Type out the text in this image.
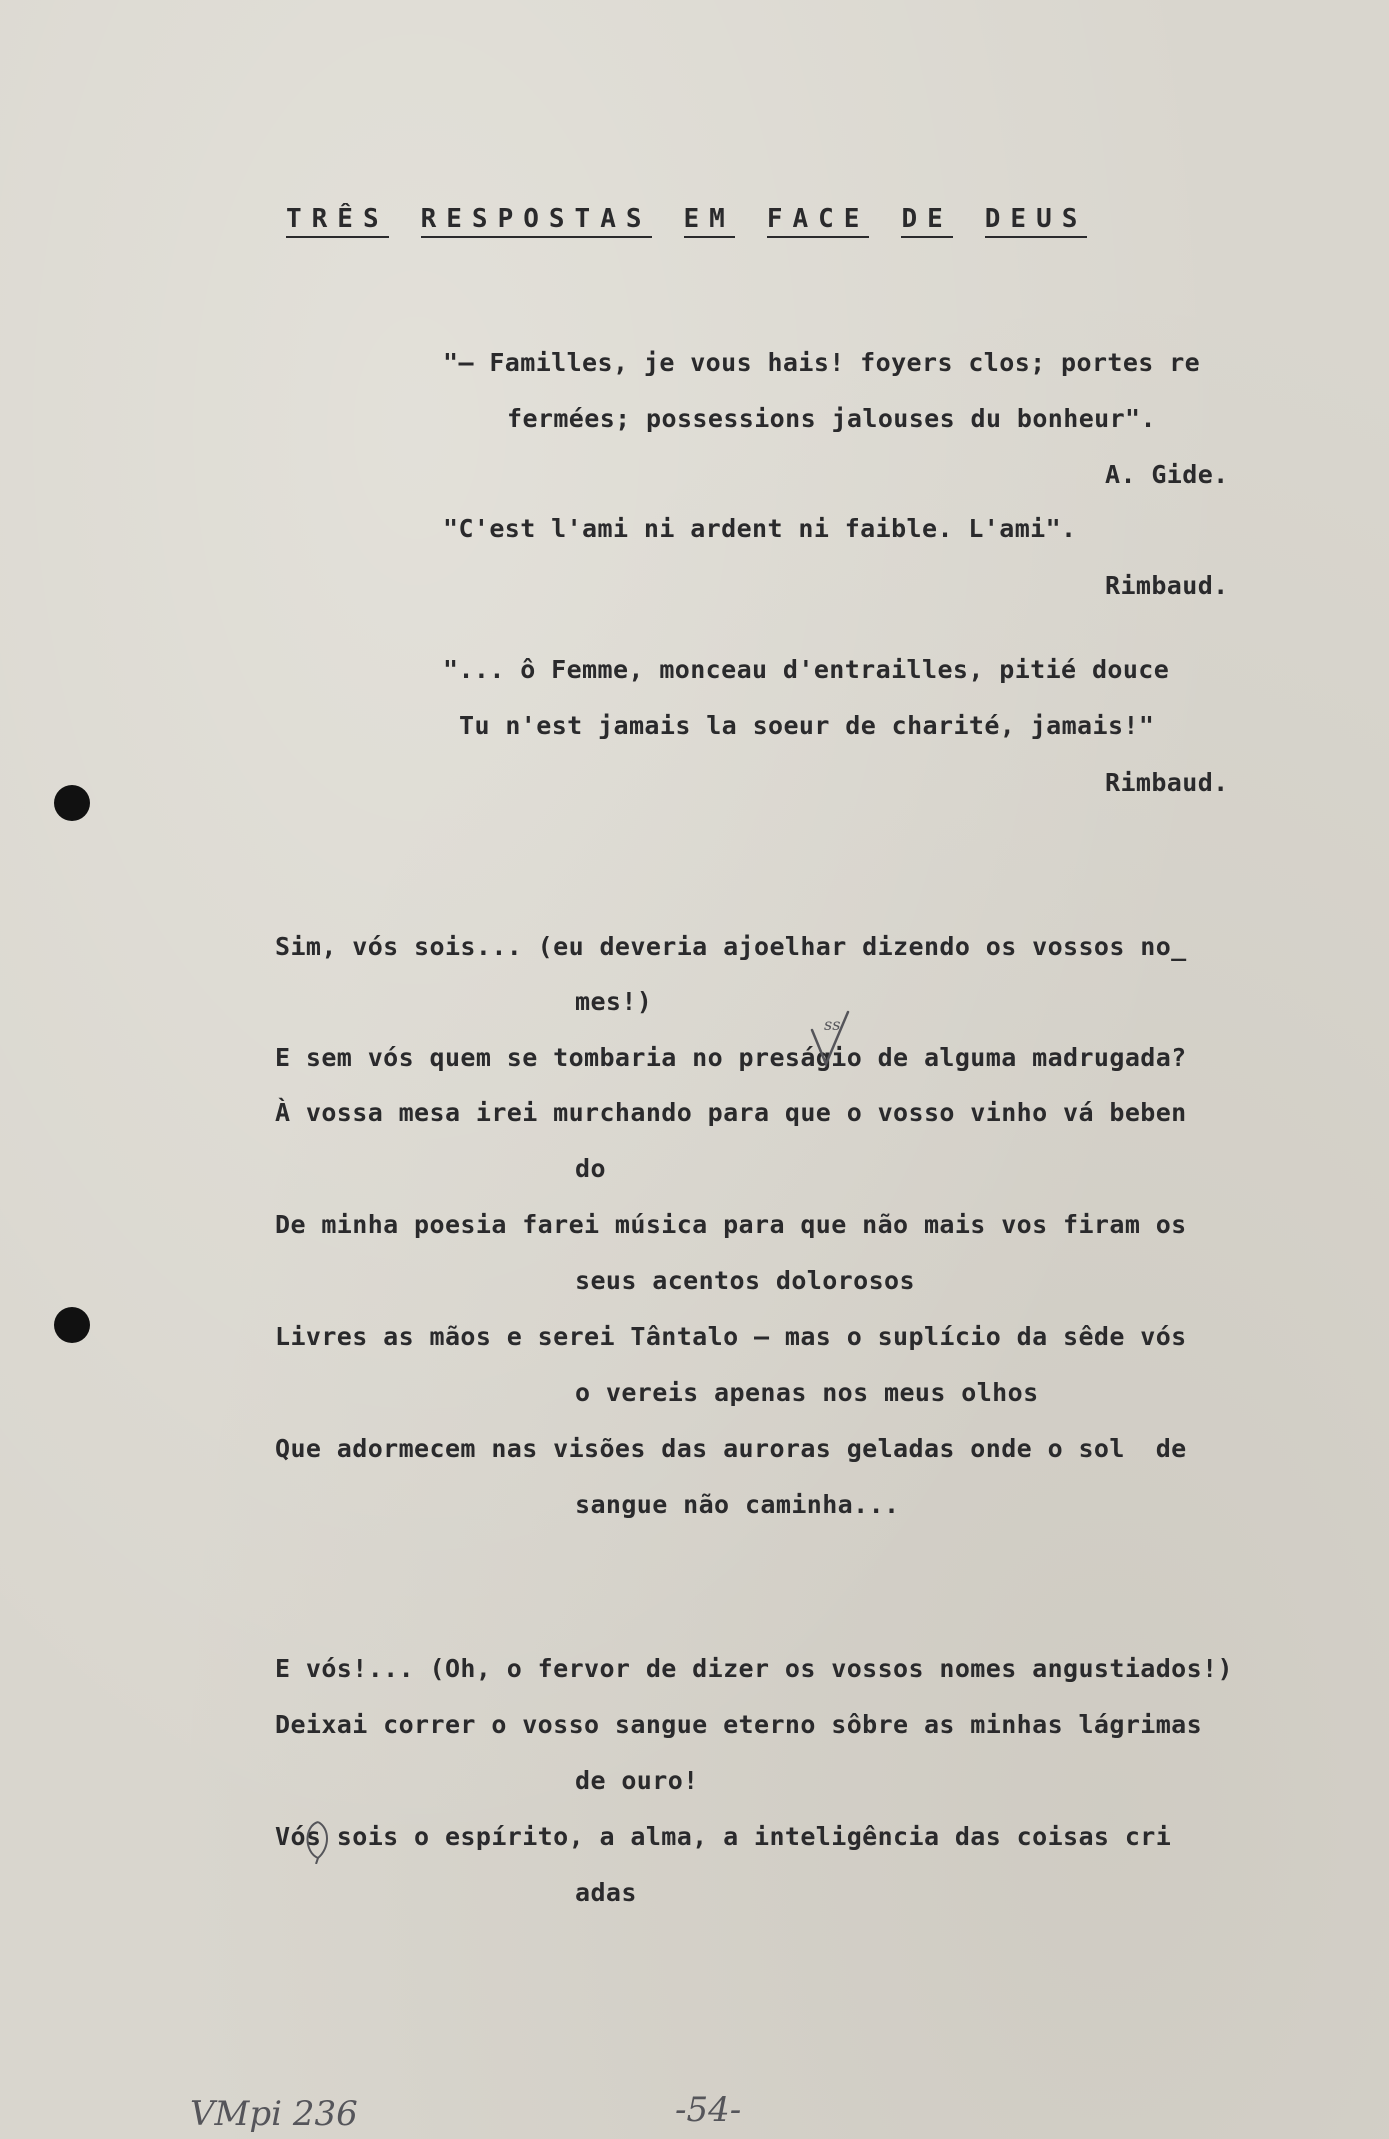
TRÊS RESPOSTAS EM FACE DE DEUS
"— Familles, je vous hais! foyers clos; portes re
fermées; possessions jalouses du bonheur".
A. Gide.
"C'est l'ami ni ardent ni faible. L'ami".
Rimbaud.
"... ô Femme, monceau d'entrailles, pitié douce
Tu n'est jamais la soeur de charité, jamais!"
Rimbaud.
Sim, vós sois... (eu deveria ajoelhar dizendo os vossos no_
mes!)
E sem vós quem se tombaria no preságio de alguma madrugada?
À vossa mesa irei murchando para que o vosso vinho vá beben
do
De minha poesia farei música para que não mais vos firam os
seus acentos dolorosos
Livres as mãos e serei Tântalo — mas o suplício da sêde vós
o vereis apenas nos meus olhos
Que adormecem nas visões das auroras geladas onde o sol  de
sangue não caminha...
E vós!... (Oh, o fervor de dizer os vossos nomes angustiados!)
Deixai correr o vosso sangue eterno sôbre as minhas lágrimas
de ouro!
Vós sois o espírito, a alma, a inteligência das coisas cri
adas
ss
VMpi 236	-54-
